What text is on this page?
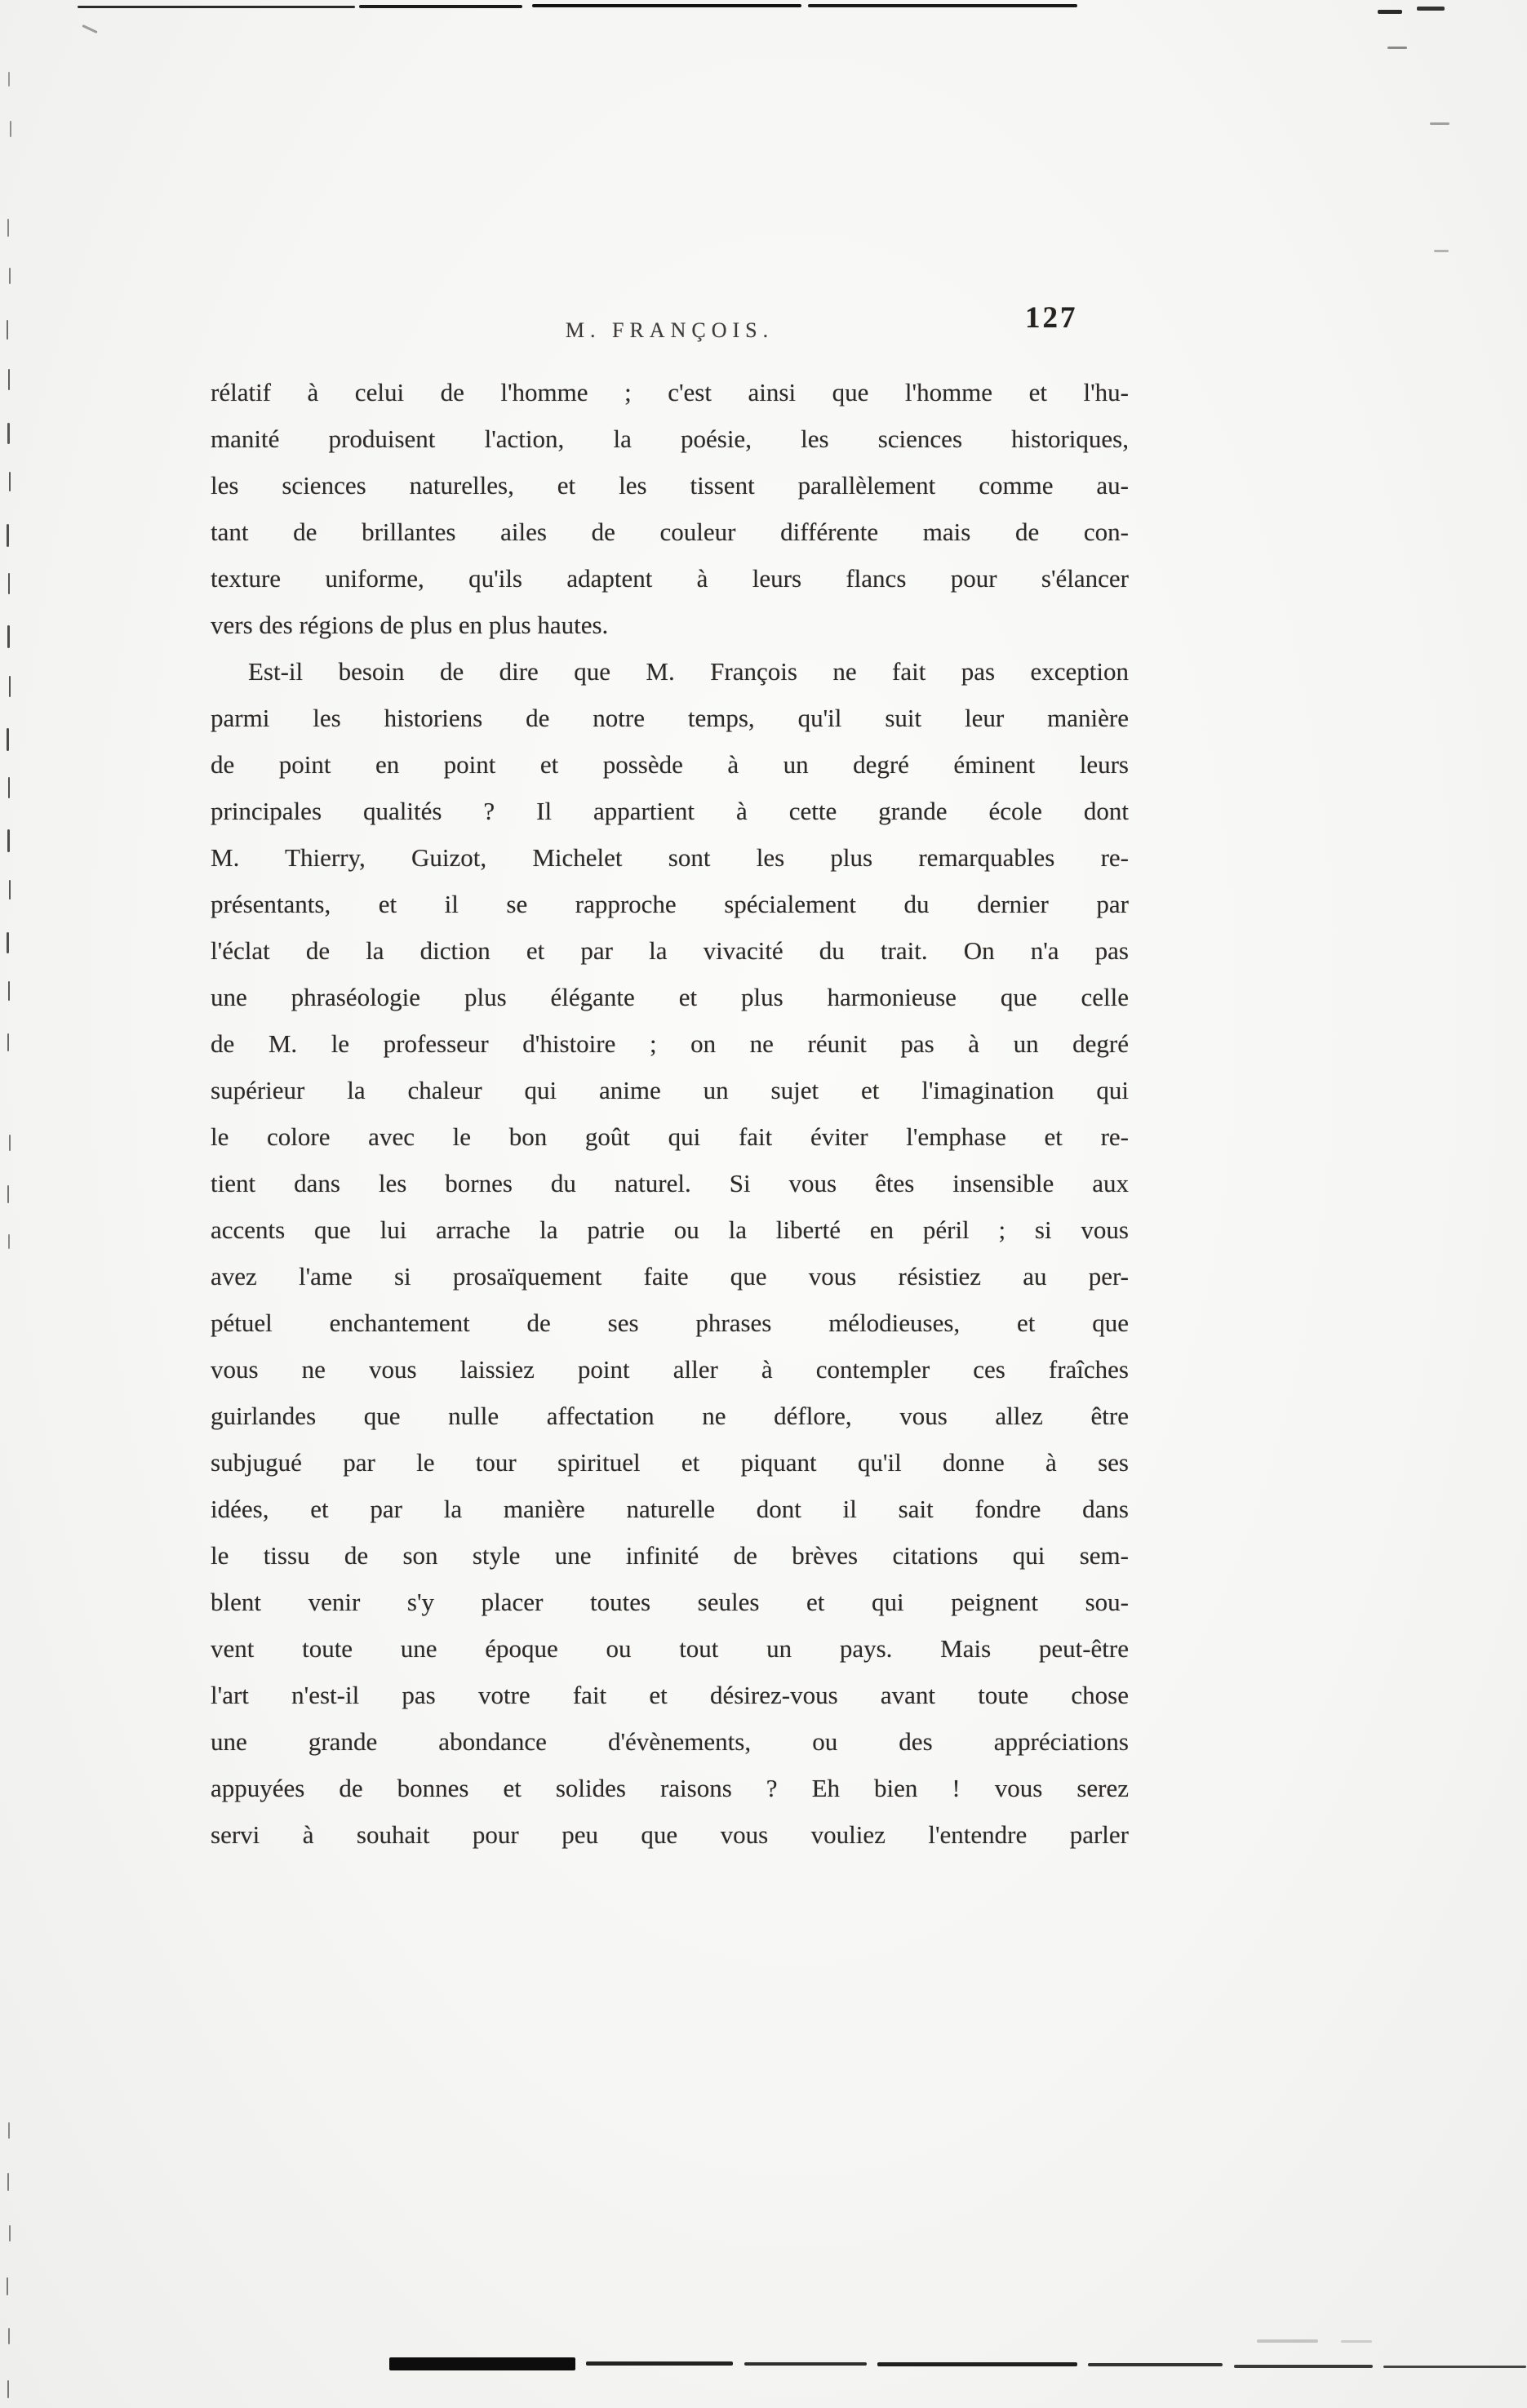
M. FRANÇOIS.	127
rélatif à celui de l'homme ; c'est ainsi que l'homme et l'hu-
manité produisent l'action, la poésie, les sciences historiques,
les sciences naturelles, et les tissent parallèlement comme au-
tant de brillantes ailes de couleur différente mais de con-
texture uniforme, qu'ils adaptent à leurs flancs pour s'élancer
vers des régions de plus en plus hautes.
Est-il besoin de dire que M. François ne fait pas exception
parmi les historiens de notre temps, qu'il suit leur manière
de point en point et possède à un degré éminent leurs
principales qualités ? Il appartient à cette grande école dont
M. Thierry, Guizot, Michelet sont les plus remarquables re-
présentants, et il se rapproche spécialement du dernier par
l'éclat de la diction et par la vivacité du trait. On n'a pas
une phraséologie plus élégante et plus harmonieuse que celle
de M. le professeur d'histoire ; on ne réunit pas à un degré
supérieur la chaleur qui anime un sujet et l'imagination qui
le colore avec le bon goût qui fait éviter l'emphase et re-
tient dans les bornes du naturel. Si vous êtes insensible aux
accents que lui arrache la patrie ou la liberté en péril ; si vous
avez l'ame si prosaïquement faite que vous résistiez au per-
pétuel enchantement de ses phrases mélodieuses, et que
vous ne vous laissiez point aller à contempler ces fraîches
guirlandes que nulle affectation ne déflore, vous allez être
subjugué par le tour spirituel et piquant qu'il donne à ses
idées, et par la manière naturelle dont il sait fondre dans
le tissu de son style une infinité de brèves citations qui sem-
blent venir s'y placer toutes seules et qui peignent sou-
vent toute une époque ou tout un pays. Mais peut-être
l'art n'est-il pas votre fait et désirez-vous avant toute chose
une grande abondance d'évènements, ou des appréciations
appuyées de bonnes et solides raisons ? Eh bien ! vous serez
servi à souhait pour peu que vous vouliez l'entendre parler
